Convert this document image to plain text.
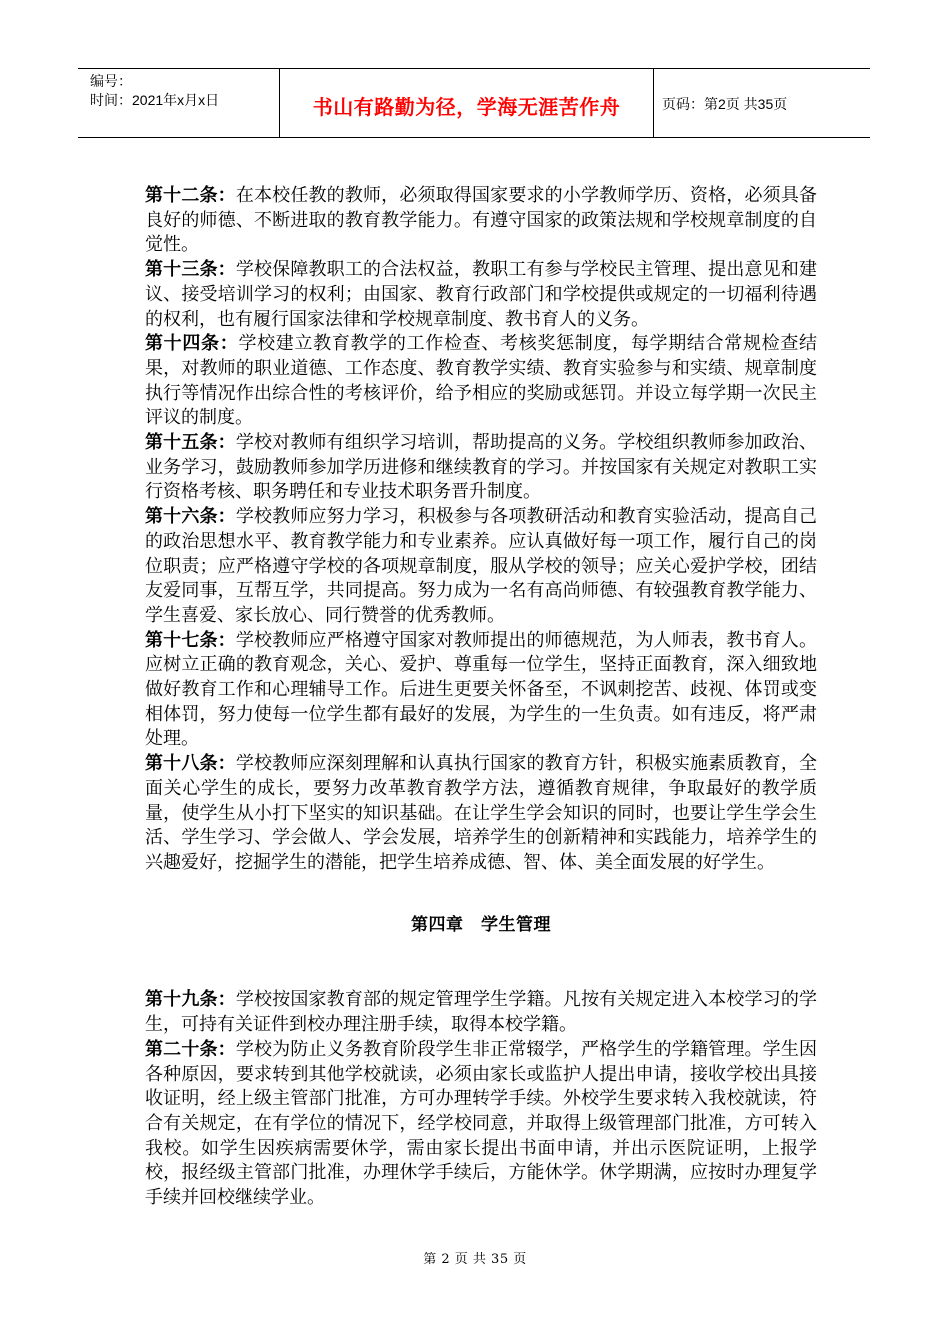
编号：
时间：2021年x月x日	书山有路勤为径，学海无涯苦作舟	页码：第2页 共35页

第十二条：在本校任教的教师，必须取得国家要求的小学教师学历、资格，必须具备良好的师德、不断进取的教育教学能力。有遵守国家的政策法规和学校规章制度的自觉性。

第十三条：学校保障教职工的合法权益，教职工有参与学校民主管理、提出意见和建议、接受培训学习的权利；由国家、教育行政部门和学校提供或规定的一切福利待遇的权利，也有履行国家法律和学校规章制度、教书育人的义务。

第十四条：学校建立教育教学的工作检查、考核奖惩制度，每学期结合常规检查结果，对教师的职业道德、工作态度、教育教学实绩、教育实验参与和实绩、规章制度执行等情况作出综合性的考核评价，给予相应的奖励或惩罚。并设立每学期一次民主评议的制度。

第十五条：学校对教师有组织学习培训，帮助提高的义务。学校组织教师参加政治、业务学习，鼓励教师参加学历进修和继续教育的学习。并按国家有关规定对教职工实行资格考核、职务聘任和专业技术职务晋升制度。

第十六条：学校教师应努力学习，积极参与各项教研活动和教育实验活动，提高自己的政治思想水平、教育教学能力和专业素养。应认真做好每一项工作，履行自己的岗位职责；应严格遵守学校的各项规章制度，服从学校的领导；应关心爱护学校，团结友爱同事，互帮互学，共同提高。努力成为一名有高尚师德、有较强教育教学能力、学生喜爱、家长放心、同行赞誉的优秀教师。

第十七条：学校教师应严格遵守国家对教师提出的师德规范，为人师表，教书育人。应树立正确的教育观念，关心、爱护、尊重每一位学生，坚持正面教育，深入细致地做好教育工作和心理辅导工作。后进生更要关怀备至，不讽刺挖苦、歧视、体罚或变相体罚，努力使每一位学生都有最好的发展，为学生的一生负责。如有违反，将严肃处理。

第十八条：学校教师应深刻理解和认真执行国家的教育方针，积极实施素质教育，全面关心学生的成长，要努力改革教育教学方法，遵循教育规律，争取最好的教学质量，使学生从小打下坚实的知识基础。在让学生学会知识的同时，也要让学生学会生活、学生学习、学会做人、学会发展，培养学生的创新精神和实践能力，培养学生的兴趣爱好，挖掘学生的潜能，把学生培养成德、智、体、美全面发展的好学生。

第四章　学生管理

第十九条：学校按国家教育部的规定管理学生学籍。凡按有关规定进入本校学习的学生，可持有关证件到校办理注册手续，取得本校学籍。

第二十条：学校为防止义务教育阶段学生非正常辍学，严格学生的学籍管理。学生因各种原因，要求转到其他学校就读，必须由家长或监护人提出申请，接收学校出具接收证明，经上级主管部门批准，方可办理转学手续。外校学生要求转入我校就读，符合有关规定，在有学位的情况下，经学校同意，并取得上级管理部门批准，方可转入我校。如学生因疾病需要休学，需由家长提出书面申请，并出示医院证明，上报学校，报经级主管部门批准，办理休学手续后，方能休学。休学期满，应按时办理复学手续并回校继续学业。

第 2 页 共 35 页
